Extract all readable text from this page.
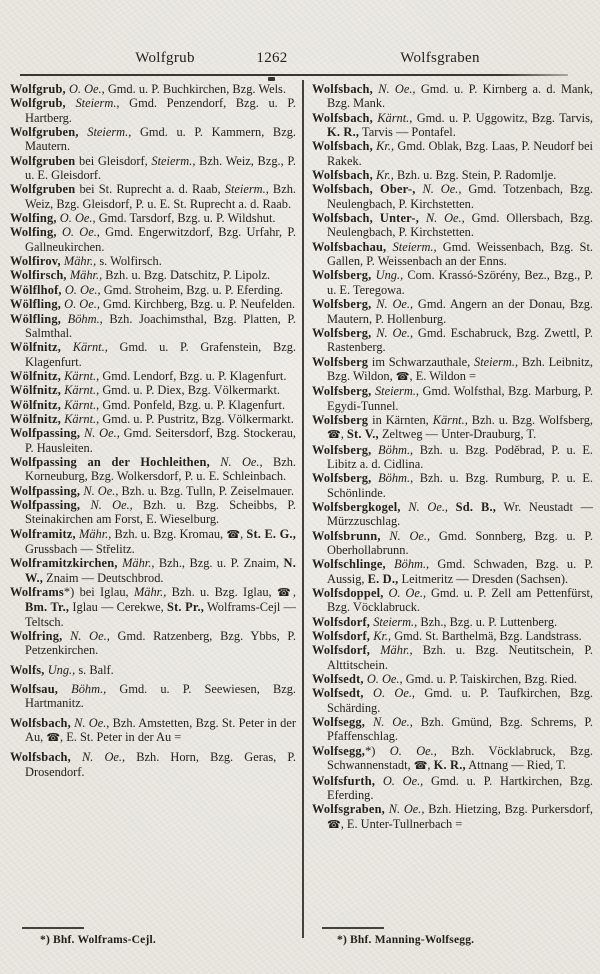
Wolfgrub	1262	Wolfsgraben

Wolfgrub, O. Oe., Gmd. u. P. Buchkirchen, Bzg. Wels.

Wolfgrub, Steierm., Gmd. Penzendorf, Bzg. u. P. Hartberg.

Wolfgruben, Steierm., Gmd. u. P. Kammern, Bzg. Mautern.

Wolfgruben bei Gleisdorf, Steierm., Bzh. Weiz, Bzg., P. u. E. Gleisdorf.

Wolfgruben bei St. Ruprecht a. d. Raab, Steierm., Bzh. Weiz, Bzg. Gleisdorf, P. u. E. St. Ruprecht a. d. Raab.

Wolfing, O. Oe., Gmd. Tarsdorf, Bzg. u. P. Wildshut.

Wolfing, O. Oe., Gmd. Engerwitzdorf, Bzg. Urfahr, P. Gallneukirchen.

Wolfirov, Mähr., s. Wolfirsch.

Wolfirsch, Mähr., Bzh. u. Bzg. Datschitz, P. Lipolz.

Wölflhof, O. Oe., Gmd. Stroheim, Bzg. u. P. Eferding.

Wölfling, O. Oe., Gmd. Kirchberg, Bzg. u. P. Neufelden.

Wölfling, Böhm., Bzh. Joachimsthal, Bzg. Platten, P. Salmthal.

Wölfnitz, Kärnt., Gmd. u. P. Grafenstein, Bzg. Klagenfurt.

Wölfnitz, Kärnt., Gmd. Lendorf, Bzg. u. P. Klagenfurt.

Wölfnitz, Kärnt., Gmd. u. P. Diex, Bzg. Völkermarkt.

Wölfnitz, Kärnt., Gmd. Ponfeld, Bzg. u. P. Klagenfurt.

Wölfnitz, Kärnt., Gmd. u. P. Pustritz, Bzg. Völkermarkt.

Wolfpassing, N. Oe., Gmd. Seitersdorf, Bzg. Stockerau, P. Hausleiten.

Wolfpassing an der Hochleithen, N. Oe., Bzh. Korneuburg, Bzg. Wolkersdorf, P. u. E. Schleinbach.

Wolfpassing, N. Oe., Bzh. u. Bzg. Tulln, P. Zeiselmauer.

Wolfpassing, N. Oe., Bzh. u. Bzg. Scheibbs, P. Steinakirchen am Forst, E. Wieselburg.

Wolframitz, Mähr., Bzh. u. Bzg. Kromau, ☎, St. E. G., Grussbach — Střelitz.

Wolframitzkirchen, Mähr., Bzh., Bzg. u. P. Znaim, N. W., Znaim — Deutschbrod.

Wolframs*) bei Iglau, Mähr., Bzh. u. Bzg. Iglau, ☎, Bm. Tr., Iglau — Cerekwe, St. Pr., Wolframs-Cejl — Teltsch.

Wolfring, N. Oe., Gmd. Ratzenberg, Bzg. Ybbs, P. Petzenkirchen.

Wolfs, Ung., s. Balf.

Wolfsau, Böhm., Gmd. u. P. Seewiesen, Bzg. Hartmanitz.

Wolfsbach, N. Oe., Bzh. Amstetten, Bzg. St. Peter in der Au, ☎, E. St. Peter in der Au =

Wolfsbach, N. Oe., Bzh. Horn, Bzg. Geras, P. Drosendorf.

Wolfsbach, N. Oe., Gmd. u. P. Kirnberg a. d. Mank, Bzg. Mank.

Wolfsbach, Kärnt., Gmd. u. P. Uggowitz, Bzg. Tarvis, K. R., Tarvis — Pontafel.

Wolfsbach, Kr., Gmd. Oblak, Bzg. Laas, P. Neudorf bei Rakek.

Wolfsbach, Kr., Bzh. u. Bzg. Stein, P. Radomlje.

Wolfsbach, Ober-, N. Oe., Gmd. Totzenbach, Bzg. Neulengbach, P. Kirchstetten.

Wolfsbach, Unter-, N. Oe., Gmd. Ollersbach, Bzg. Neulengbach, P. Kirchstetten.

Wolfsbachau, Steierm., Gmd. Weissenbach, Bzg. St. Gallen, P. Weissenbach an der Enns.

Wolfsberg, Ung., Com. Krassó-Szörény, Bez., Bzg., P. u. E. Teregowa.

Wolfsberg, N. Oe., Gmd. Angern an der Donau, Bzg. Mautern, P. Hollenburg.

Wolfsberg, N. Oe., Gmd. Eschabruck, Bzg. Zwettl, P. Rastenberg.

Wolfsberg im Schwarzauthale, Steierm., Bzh. Leibnitz, Bzg. Wildon, ☎, E. Wildon =

Wolfsberg, Steierm., Gmd. Wolfsthal, Bzg. Marburg, P. Egydi-Tunnel.

Wolfsberg in Kärnten, Kärnt., Bzh. u. Bzg. Wolfsberg, ☎, St. V., Zeltweg — Unter-Drauburg, T.

Wolfsberg, Böhm., Bzh. u. Bzg. Poděbrad, P. u. E. Libitz a. d. Cidlina.

Wolfsberg, Böhm., Bzh. u. Bzg. Rumburg, P. u. E. Schönlinde.

Wolfsbergkogel, N. Oe., Sd. B., Wr. Neustadt — Mürzzuschlag.

Wolfsbrunn, N. Oe., Gmd. Sonnberg, Bzg. u. P. Oberhollabrunn.

Wolfschlinge, Böhm., Gmd. Schwaden, Bzg. u. P. Aussig, E. D., Leitmeritz — Dresden (Sachsen).

Wolfsdoppel, O. Oe., Gmd. u. P. Zell am Pettenfürst, Bzg. Vöcklabruck.

Wolfsdorf, Steierm., Bzh., Bzg. u. P. Luttenberg.

Wolfsdorf, Kr., Gmd. St. Barthelmä, Bzg. Landstrass.

Wolfsdorf, Mähr., Bzh. u. Bzg. Neutitschein, P. Alttitschein.

Wolfsedt, O. Oe., Gmd. u. P. Taiskirchen, Bzg. Ried.

Wolfsedt, O. Oe., Gmd. u. P. Taufkirchen, Bzg. Schärding.

Wolfsegg, N. Oe., Bzh. Gmünd, Bzg. Schrems, P. Pfaffenschlag.

Wolfsegg,*) O. Oe., Bzh. Vöcklabruck, Bzg. Schwannenstadt, ☎, K. R., Attnang — Ried, T.

Wolfsfurth, O. Oe., Gmd. u. P. Hartkirchen, Bzg. Eferding.

Wolfsgraben, N. Oe., Bzh. Hietzing, Bzg. Purkersdorf, ☎, E. Unter-Tullnerbach =

*) Bhf. Wolframs-Cejl.	*) Bhf. Manning-Wolfsegg.
